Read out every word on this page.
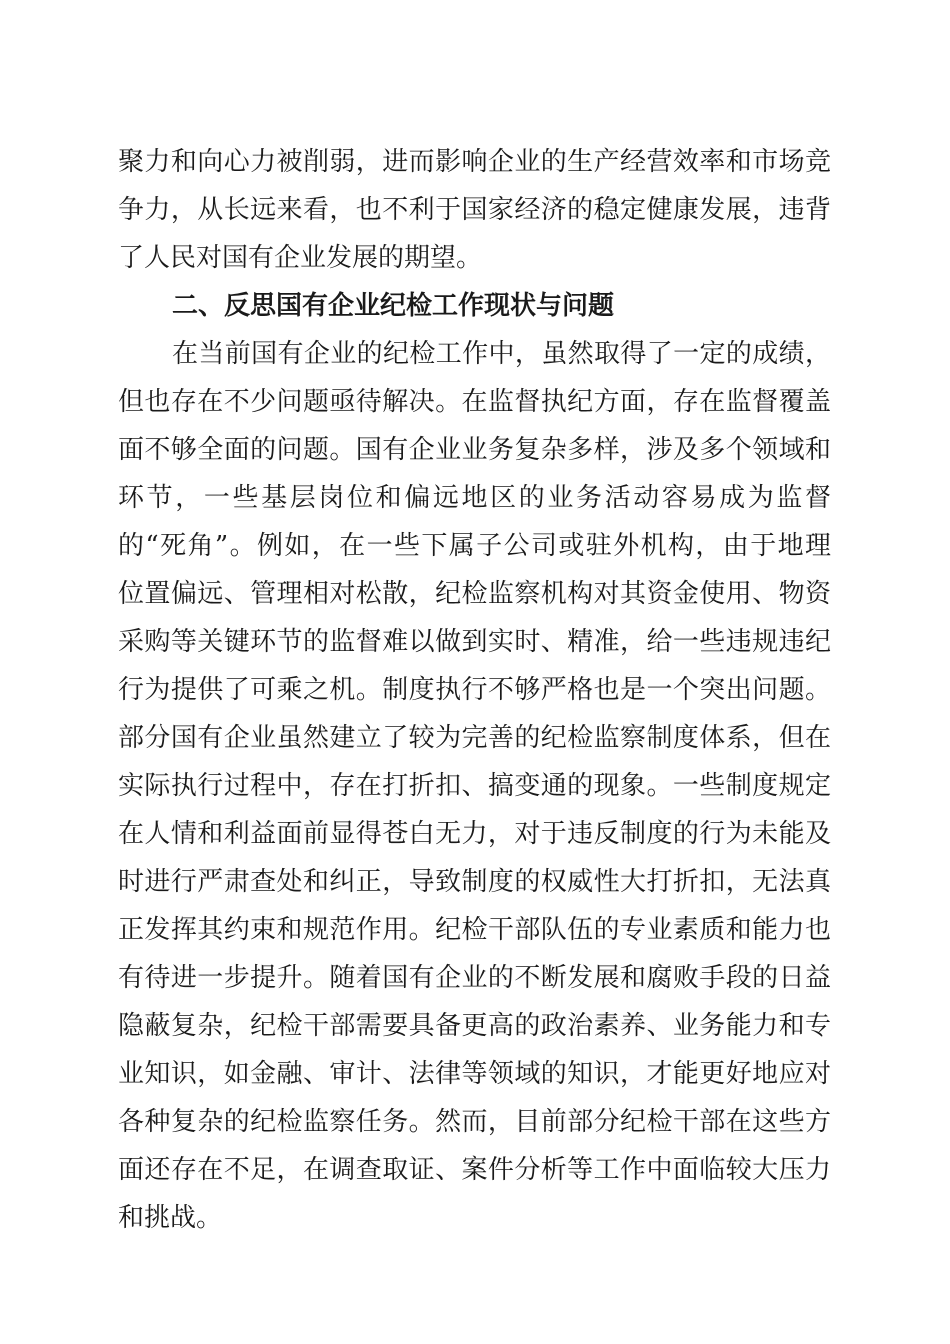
聚力和向心力被削弱，进而影响企业的生产经营效率和市场竞
争力，从长远来看，也不利于国家经济的稳定健康发展，违背
了人民对国有企业发展的期望。
二、反思国有企业纪检工作现状与问题
在当前国有企业的纪检工作中，虽然取得了一定的成绩，
但也存在不少问题亟待解决。在监督执纪方面，存在监督覆盖
面不够全面的问题。国有企业业务复杂多样，涉及多个领域和
环节，一些基层岗位和偏远地区的业务活动容易成为监督
的“死角”。例如，在一些下属子公司或驻外机构，由于地理
位置偏远、管理相对松散，纪检监察机构对其资金使用、物资
采购等关键环节的监督难以做到实时、精准，给一些违规违纪
行为提供了可乘之机。制度执行不够严格也是一个突出问题。
部分国有企业虽然建立了较为完善的纪检监察制度体系，但在
实际执行过程中，存在打折扣、搞变通的现象。一些制度规定
在人情和利益面前显得苍白无力，对于违反制度的行为未能及
时进行严肃查处和纠正，导致制度的权威性大打折扣，无法真
正发挥其约束和规范作用。纪检干部队伍的专业素质和能力也
有待进一步提升。随着国有企业的不断发展和腐败手段的日益
隐蔽复杂，纪检干部需要具备更高的政治素养、业务能力和专
业知识，如金融、审计、法律等领域的知识，才能更好地应对
各种复杂的纪检监察任务。然而，目前部分纪检干部在这些方
面还存在不足，在调查取证、案件分析等工作中面临较大压力
和挑战。
